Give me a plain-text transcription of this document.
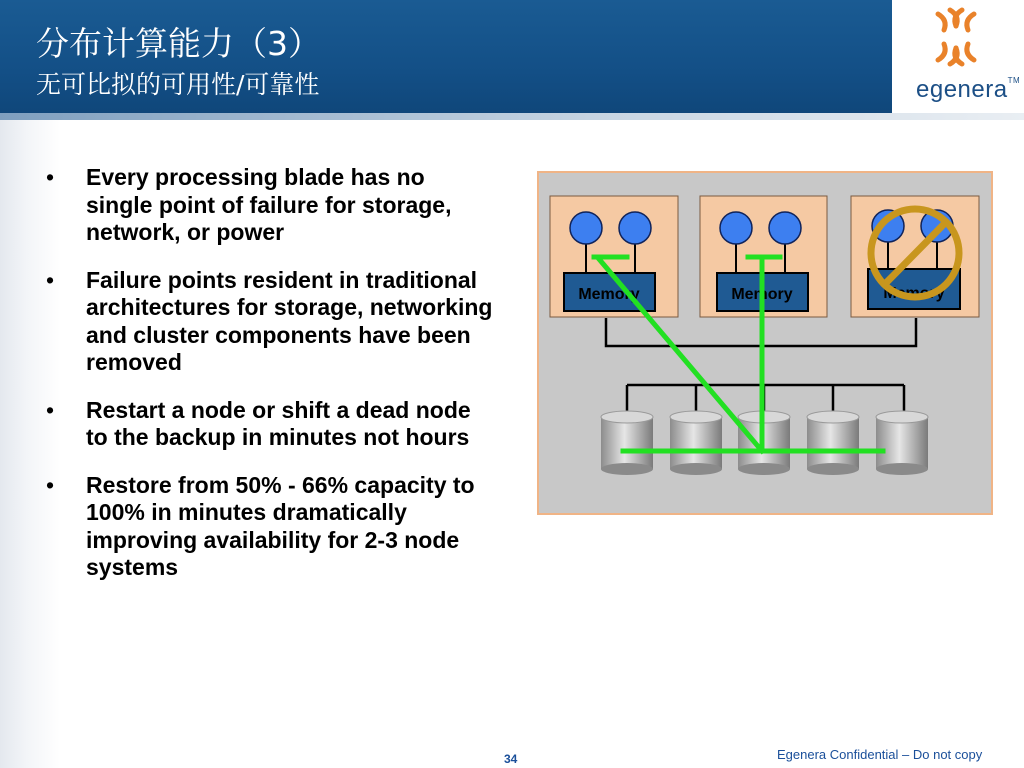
分布计算能力（3）
无可比拟的可用性/可靠性	egenera™
• Every processing blade has no single point of failure for storage, network, or power
• Failure points resident in traditional architectures for storage, networking and cluster components have been removed
• Restart a node or shift a dead node to the backup in minutes not hours
• Restore from 50% - 66% capacity to 100% in minutes dramatically improving availability for 2-3 node systems
Memory	Memory	Memory
34	Egenera Confidential – Do not copy
